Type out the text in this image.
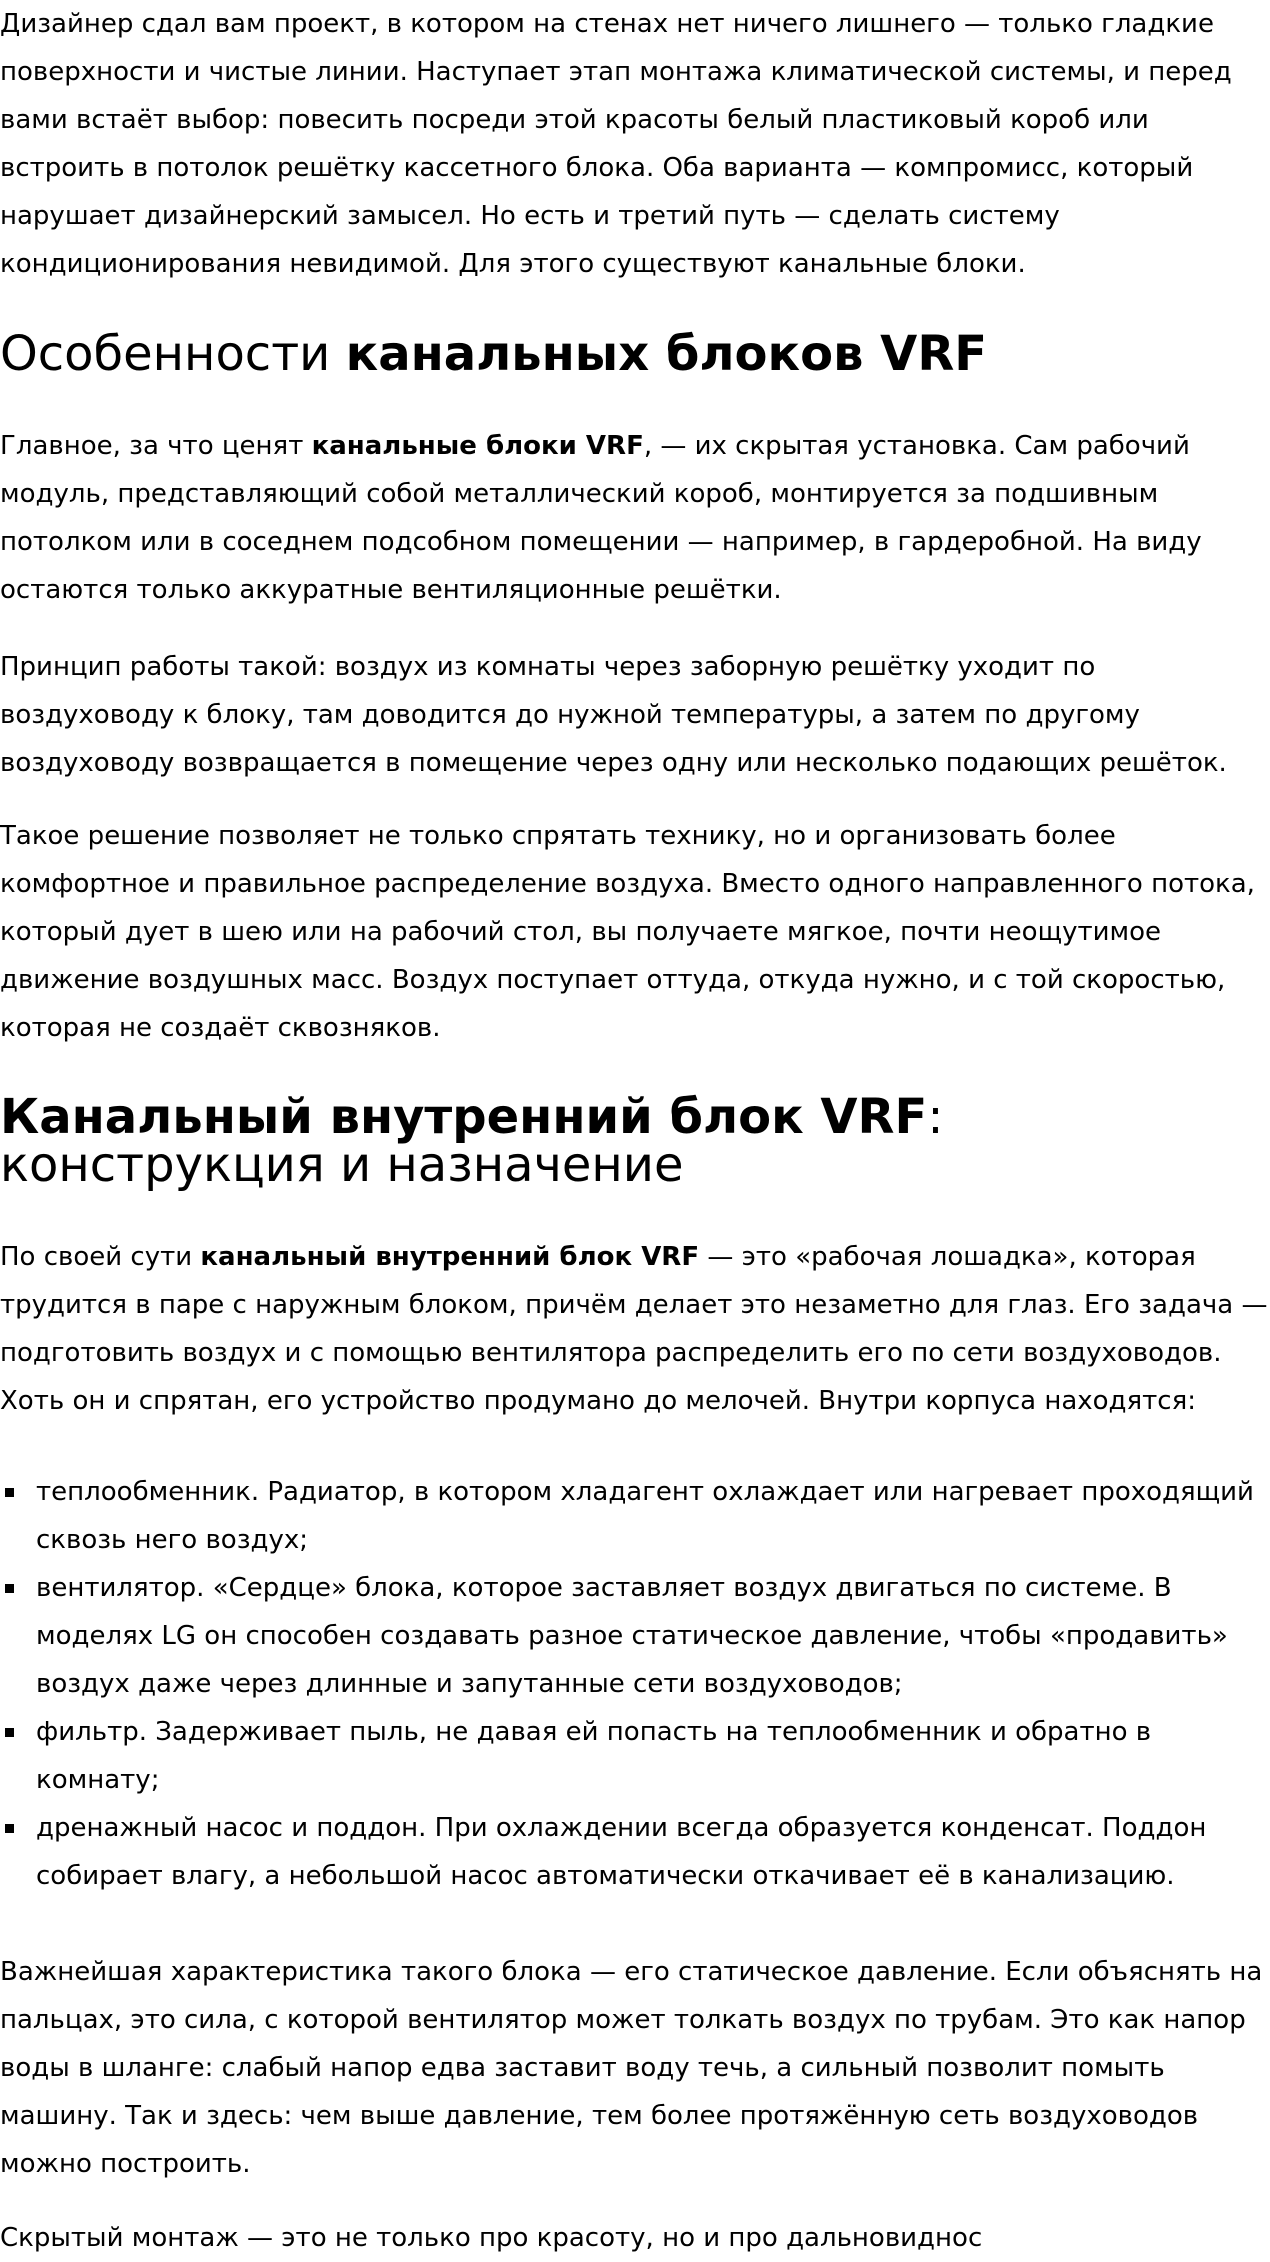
Дизайнер сдал вам проект, в котором на стенах нет ничего лишнего — только гладкие поверхности и чистые линии. Наступает этап монтажа климатической системы, и перед вами встаёт выбор: повесить посреди этой красоты белый пластиковый короб или встроить в потолок решётку кассетного блока. Оба варианта — компромисс, который нарушает дизайнерский замысел. Но есть и третий путь — сделать систему кондиционирования невидимой. Для этого существуют канальные блоки.

Особенности канальных блоков VRF

Главное, за что ценят канальные блоки VRF, — их скрытая установка. Сам рабочий модуль, представляющий собой металлический короб, монтируется за подшивным потолком или в соседнем подсобном помещении — например, в гардеробной. На виду остаются только аккуратные вентиляционные решётки.

Принцип работы такой: воздух из комнаты через заборную решётку уходит по воздуховоду к блоку, там доводится до нужной температуры, а затем по другому воздуховоду возвращается в помещение через одну или несколько подающих решёток.

Такое решение позволяет не только спрятать технику, но и организовать более комфортное и правильное распределение воздуха. Вместо одного направленного потока, который дует в шею или на рабочий стол, вы получаете мягкое, почти неощутимое движение воздушных масс. Воздух поступает оттуда, откуда нужно, и с той скоростью, которая не создаёт сквозняков.

Канальный внутренний блок VRF: конструкция и назначение

По своей сути канальный внутренний блок VRF — это «рабочая лошадка», которая трудится в паре с наружным блоком, причём делает это незаметно для глаз. Его задача — подготовить воздух и с помощью вентилятора распределить его по сети воздуховодов. Хоть он и спрятан, его устройство продумано до мелочей. Внутри корпуса находятся:

теплообменник. Радиатор, в котором хладагент охлаждает или нагревает проходящий сквозь него воздух;
вентилятор. «Сердце» блока, которое заставляет воздух двигаться по системе. В моделях LG он способен создавать разное статическое давление, чтобы «продавить» воздух даже через длинные и запутанные сети воздуховодов;
фильтр. Задерживает пыль, не давая ей попасть на теплообменник и обратно в комнату;
дренажный насос и поддон. При охлаждении всегда образуется конденсат. Поддон собирает влагу, а небольшой насос автоматически откачивает её в канализацию.

Важнейшая характеристика такого блока — его статическое давление. Если объяснять на пальцах, это сила, с которой вентилятор может толкать воздух по трубам. Это как напор воды в шланге: слабый напор едва заставит воду течь, а сильный позволит помыть машину. Так и здесь: чем выше давление, тем более протяжённую сеть воздуховодов можно построить.

Скрытый монтаж — это не только про красоту, но и про дальновиднос
